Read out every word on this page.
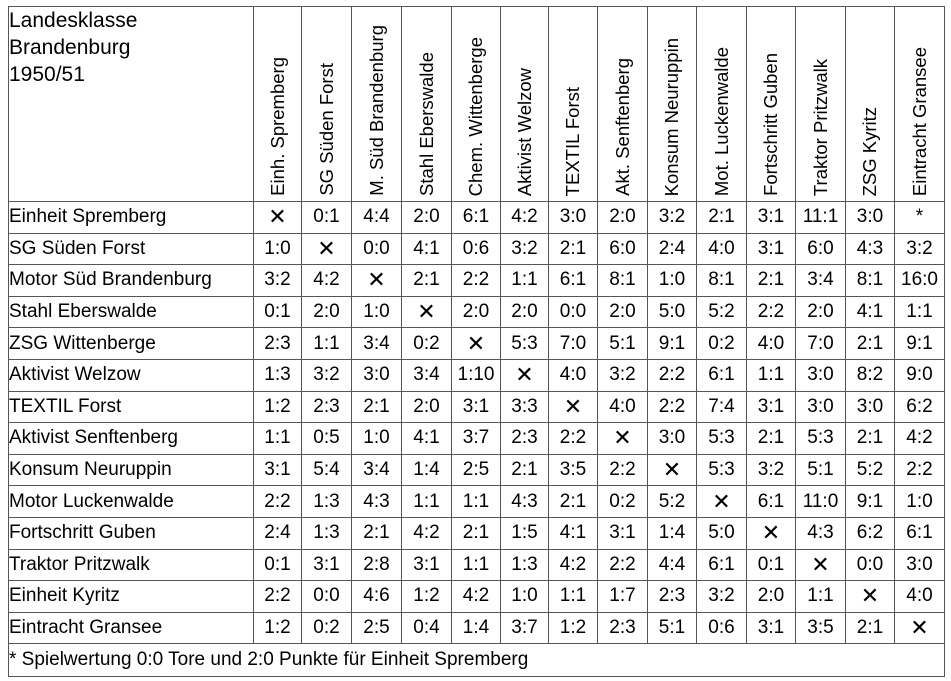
Landesklasse
Brandenburg
1950/51	Einh. Spremberg	SG Süden Forst	M. Süd Brandenburg	Stahl Eberswalde	Chem. Wittenberge	Aktivist Welzow	TEXTIL Forst	Akt. Senftenberg	Konsum Neuruppin	Mot. Luckenwalde	Fortschritt Guben	Traktor Pritzwalk	ZSG Kyritz	Eintracht Gransee

Einheit Spremberg	✕	0:1	4:4	2:0	6:1	4:2	3:0	2:0	3:2	2:1	3:1	11:1	3:0	*
SG Süden Forst	1:0	✕	0:0	4:1	0:6	3:2	2:1	6:0	2:4	4:0	3:1	6:0	4:3	3:2
Motor Süd Brandenburg	3:2	4:2	✕	2:1	2:2	1:1	6:1	8:1	1:0	8:1	2:1	3:4	8:1	16:0
Stahl Eberswalde	0:1	2:0	1:0	✕	2:0	2:0	0:0	2:0	5:0	5:2	2:2	2:0	4:1	1:1
ZSG Wittenberge	2:3	1:1	3:4	0:2	✕	5:3	7:0	5:1	9:1	0:2	4:0	7:0	2:1	9:1
Aktivist Welzow	1:3	3:2	3:0	3:4	1:10	✕	4:0	3:2	2:2	6:1	1:1	3:0	8:2	9:0
TEXTIL Forst	1:2	2:3	2:1	2:0	3:1	3:3	✕	4:0	2:2	7:4	3:1	3:0	3:0	6:2
Aktivist Senftenberg	1:1	0:5	1:0	4:1	3:7	2:3	2:2	✕	3:0	5:3	2:1	5:3	2:1	4:2
Konsum Neuruppin	3:1	5:4	3:4	1:4	2:5	2:1	3:5	2:2	✕	5:3	3:2	5:1	5:2	2:2
Motor Luckenwalde	2:2	1:3	4:3	1:1	1:1	4:3	2:1	0:2	5:2	✕	6:1	11:0	9:1	1:0
Fortschritt Guben	2:4	1:3	2:1	4:2	2:1	1:5	4:1	3:1	1:4	5:0	✕	4:3	6:2	6:1
Traktor Pritzwalk	0:1	3:1	2:8	3:1	1:1	1:3	4:2	2:2	4:4	6:1	0:1	✕	0:0	3:0
Einheit Kyritz	2:2	0:0	4:6	1:2	4:2	1:0	1:1	1:7	2:3	3:2	2:0	1:1	✕	4:0
Eintracht Gransee	1:2	0:2	2:5	0:4	1:4	3:7	1:2	2:3	5:1	0:6	3:1	3:5	2:1	✕
* Spielwertung 0:0 Tore und 2:0 Punkte für Einheit Spremberg														
